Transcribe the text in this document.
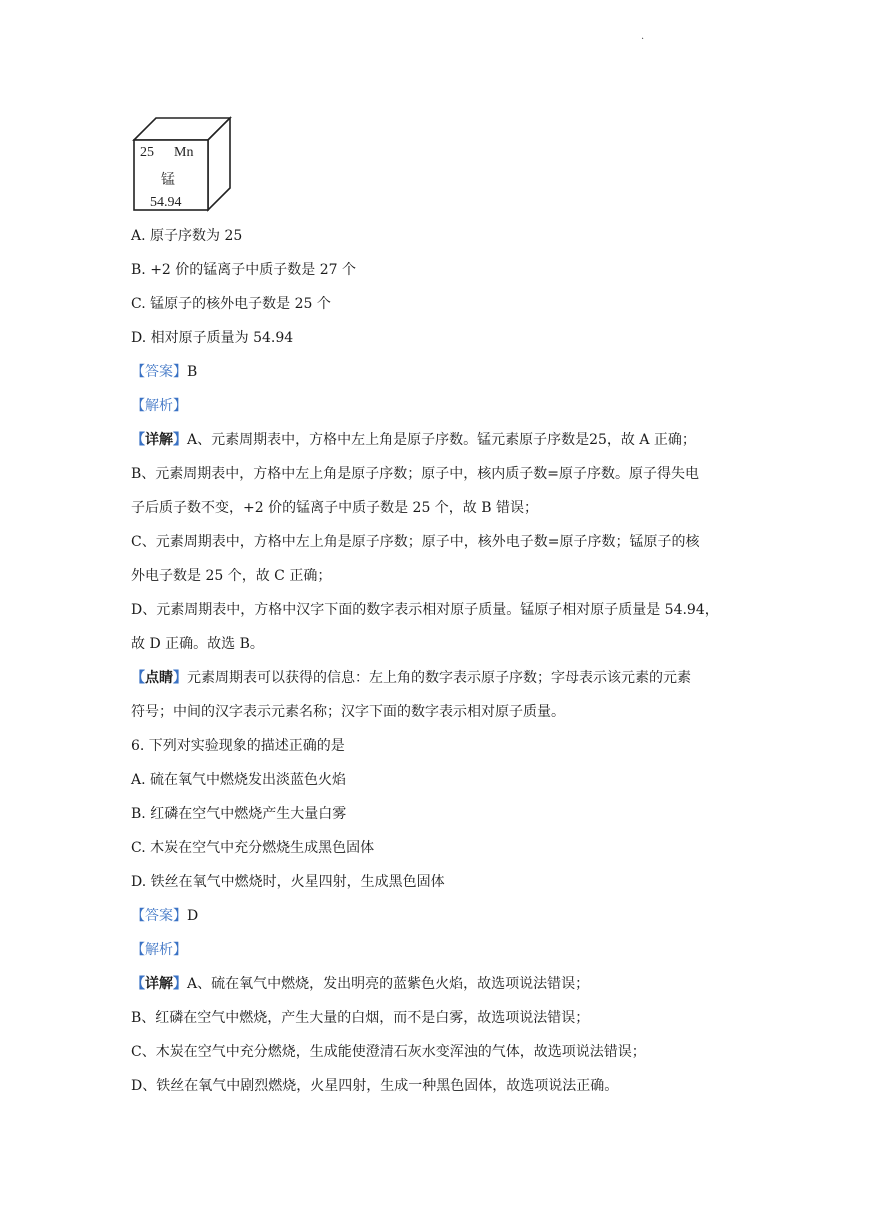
·
25 Mn
锰
54.94
A. 原子序数为 25
B. +2 价的锰离子中质子数是 27 个
C. 锰原子的核外电子数是 25 个
D. 相对原子质量为 54.94
【答案】B
【解析】
【详解】A、元素周期表中，方格中左上角是原子序数。锰元素原子序数是25，故 A 正确；
B、元素周期表中，方格中左上角是原子序数；原子中，核内质子数=原子序数。原子得失电
子后质子数不变，+2 价的锰离子中质子数是 25 个，故 B 错误；
C、元素周期表中，方格中左上角是原子序数；原子中，核外电子数=原子序数；锰原子的核
外电子数是 25 个，故 C 正确；
D、元素周期表中，方格中汉字下面的数字表示相对原子质量。锰原子相对原子质量是 54.94，
故 D 正确。故选 B。
【点睛】元素周期表可以获得的信息：左上角的数字表示原子序数；字母表示该元素的元素
符号；中间的汉字表示元素名称；汉字下面的数字表示相对原子质量。
6. 下列对实验现象的描述正确的是
A. 硫在氧气中燃烧发出淡蓝色火焰
B. 红磷在空气中燃烧产生大量白雾
C. 木炭在空气中充分燃烧生成黑色固体
D. 铁丝在氧气中燃烧时，火星四射，生成黑色固体
【答案】D
【解析】
【详解】A、硫在氧气中燃烧，发出明亮的蓝紫色火焰，故选项说法错误；
B、红磷在空气中燃烧，产生大量的白烟，而不是白雾，故选项说法错误；
C、木炭在空气中充分燃烧，生成能使澄清石灰水变浑浊的气体，故选项说法错误；
D、铁丝在氧气中剧烈燃烧，火星四射，生成一种黑色固体，故选项说法正确。
